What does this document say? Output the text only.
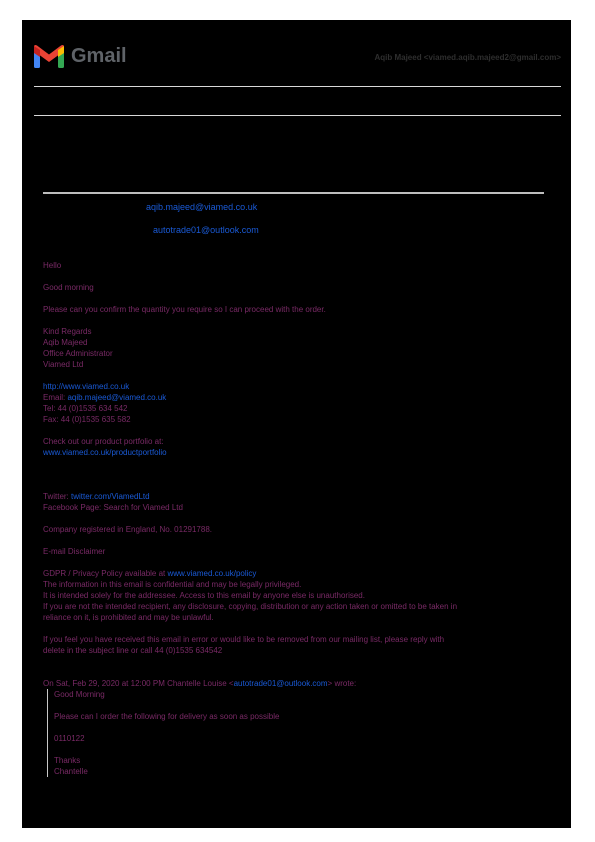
Gmail	Aqib Majeed <viamed.aqib.majeed2@gmail.com>
aqib.majeed@viamed.co.uk
autotrade01@outlook.com

Hello

Good morning

Please can you confirm the quantity you require so I can proceed with the order.

Kind Regards
Aqib Majeed
Office Administrator
Viamed Ltd

http://www.viamed.co.uk
Email: aqib.majeed@viamed.co.uk
Tel: 44 (0)1535 634 542
Fax: 44 (0)1535 635 582

Check out our product portfolio at:
www.viamed.co.uk/productportfolio

Twitter: twitter.com/ViamedLtd
Facebook Page: Search for Viamed Ltd

Company registered in England, No. 01291788.

E-mail Disclaimer

GDPR / Privacy Policy available at www.viamed.co.uk/policy
The information in this email is confidential and may be legally privileged.
It is intended solely for the addressee. Access to this email by anyone else is unauthorised.
If you are not the intended recipient, any disclosure, copying, distribution or any action taken or omitted to be taken in
reliance on it, is prohibited and may be unlawful.

If you feel you have received this email in error or would like to be removed from our mailing list, please reply with
delete in the subject line or call 44 (0)1535 634542

On Sat, Feb 29, 2020 at 12:00 PM Chantelle Louise <autotrade01@outlook.com> wrote:

Good Morning

Please can I order the following for delivery as soon as possible

0110122

Thanks
Chantelle
